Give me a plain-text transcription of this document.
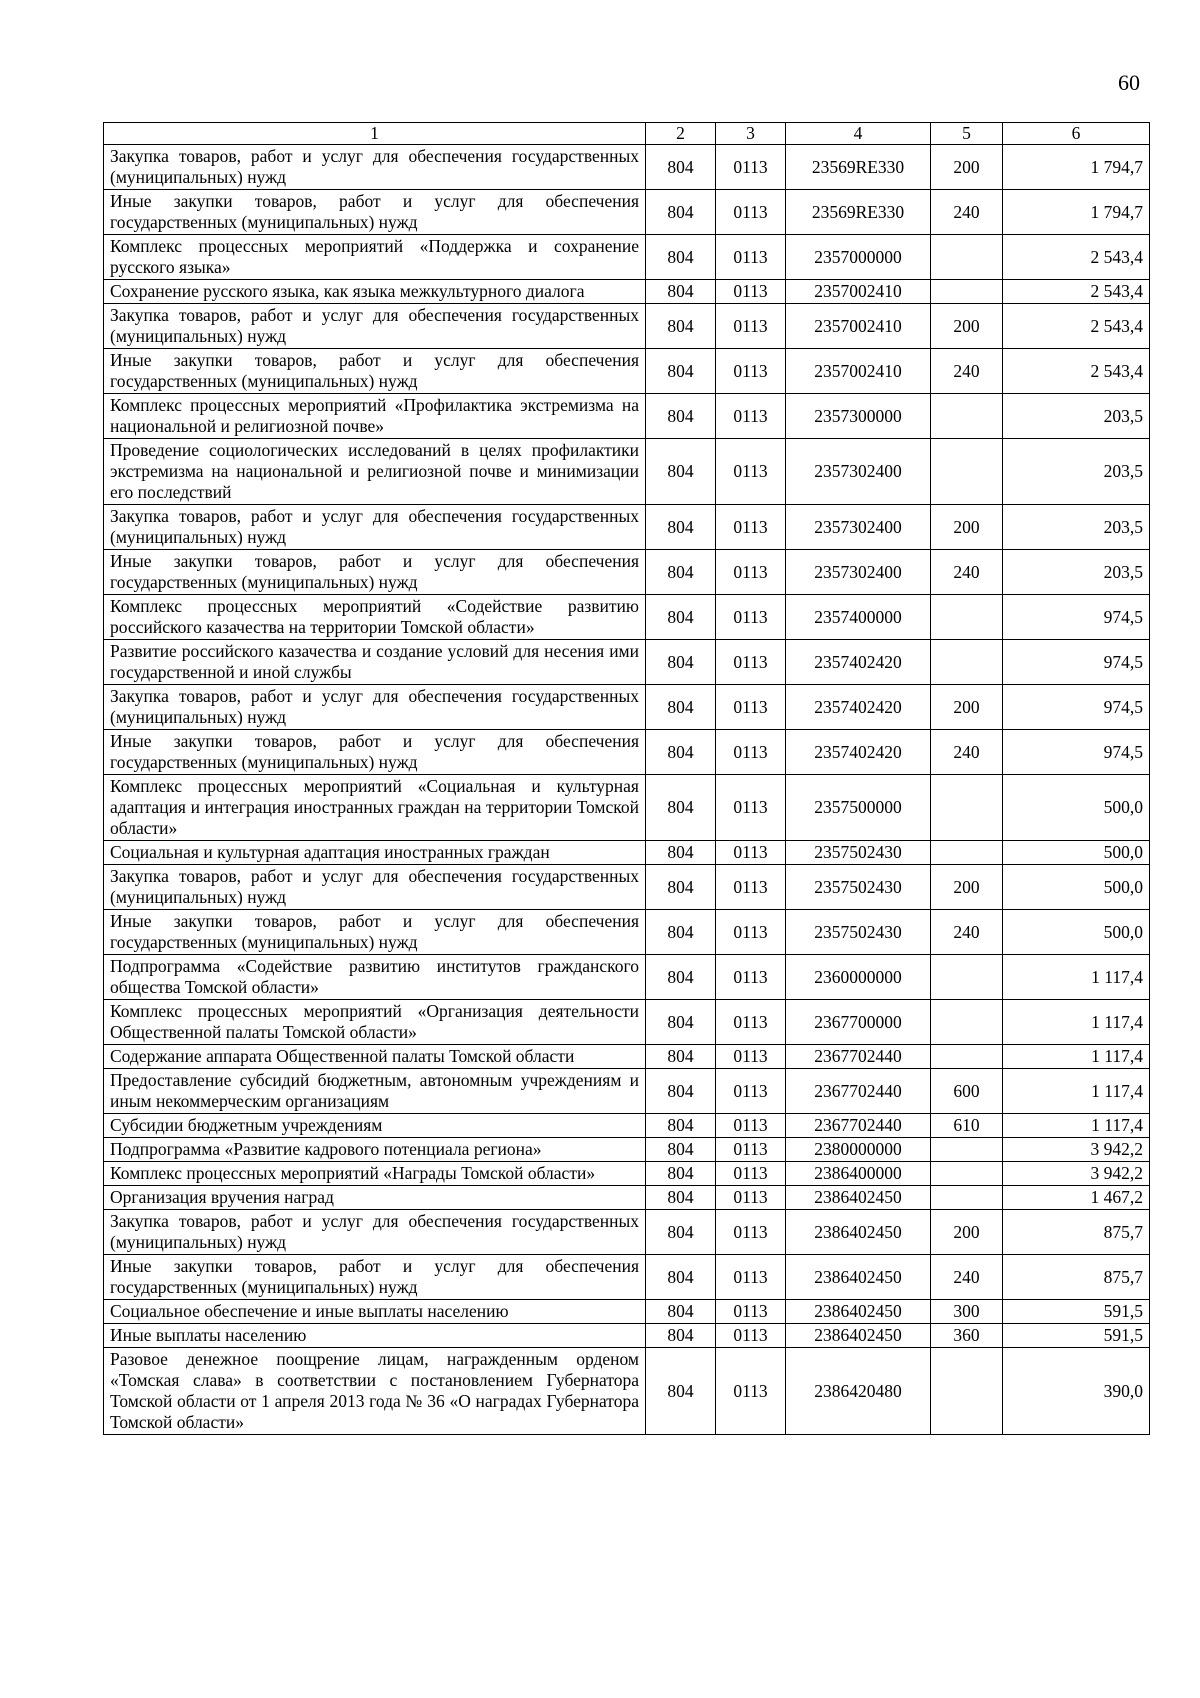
60
1	2	3	4	5	6
Закупка товаров, работ и услуг для обеспечения государственных (муниципальных) нужд	804	0113	23569RE330	200	1 794,7
Иные закупки товаров, работ и услуг для обеспечения государственных (муниципальных) нужд	804	0113	23569RE330	240	1 794,7
Комплекс процессных мероприятий «Поддержка и сохранение русского языка»	804	0113	2357000000		2 543,4
Сохранение русского языка, как языка межкультурного диалога	804	0113	2357002410		2 543,4
Закупка товаров, работ и услуг для обеспечения государственных (муниципальных) нужд	804	0113	2357002410	200	2 543,4
Иные закупки товаров, работ и услуг для обеспечения государственных (муниципальных) нужд	804	0113	2357002410	240	2 543,4
Комплекс процессных мероприятий «Профилактика экстремизма на национальной и религиозной почве»	804	0113	2357300000		203,5
Проведение социологических исследований в целях профилактики экстремизма на национальной и религиозной почве и минимизации его последствий	804	0113	2357302400		203,5
Закупка товаров, работ и услуг для обеспечения государственных (муниципальных) нужд	804	0113	2357302400	200	203,5
Иные закупки товаров, работ и услуг для обеспечения государственных (муниципальных) нужд	804	0113	2357302400	240	203,5
Комплекс процессных мероприятий «Содействие развитию российского казачества на территории Томской области»	804	0113	2357400000		974,5
Развитие российского казачества и создание условий для несения ими государственной и иной службы	804	0113	2357402420		974,5
Закупка товаров, работ и услуг для обеспечения государственных (муниципальных) нужд	804	0113	2357402420	200	974,5
Иные закупки товаров, работ и услуг для обеспечения государственных (муниципальных) нужд	804	0113	2357402420	240	974,5
Комплекс процессных мероприятий «Социальная и культурная адаптация и интеграция иностранных граждан на территории Томской области»	804	0113	2357500000		500,0
Социальная и культурная адаптация иностранных граждан	804	0113	2357502430		500,0
Закупка товаров, работ и услуг для обеспечения государственных (муниципальных) нужд	804	0113	2357502430	200	500,0
Иные закупки товаров, работ и услуг для обеспечения государственных (муниципальных) нужд	804	0113	2357502430	240	500,0
Подпрограмма «Содействие развитию институтов гражданского общества Томской области»	804	0113	2360000000		1 117,4
Комплекс процессных мероприятий «Организация деятельности Общественной палаты Томской области»	804	0113	2367700000		1 117,4
Содержание аппарата Общественной палаты Томской области	804	0113	2367702440		1 117,4
Предоставление субсидий бюджетным, автономным учреждениям и иным некоммерческим организациям	804	0113	2367702440	600	1 117,4
Субсидии бюджетным учреждениям	804	0113	2367702440	610	1 117,4
Подпрограмма «Развитие кадрового потенциала региона»	804	0113	2380000000		3 942,2
Комплекс процессных мероприятий «Награды Томской области»	804	0113	2386400000		3 942,2
Организация вручения наград	804	0113	2386402450		1 467,2
Закупка товаров, работ и услуг для обеспечения государственных (муниципальных) нужд	804	0113	2386402450	200	875,7
Иные закупки товаров, работ и услуг для обеспечения государственных (муниципальных) нужд	804	0113	2386402450	240	875,7
Социальное обеспечение и иные выплаты населению	804	0113	2386402450	300	591,5
Иные выплаты населению	804	0113	2386402450	360	591,5
Разовое денежное поощрение лицам, награжденным орденом «Томская слава» в соответствии с постановлением Губернатора Томской области от 1 апреля 2013 года № 36 «О наградах Губернатора Томской области»	804	0113	2386420480		390,0
